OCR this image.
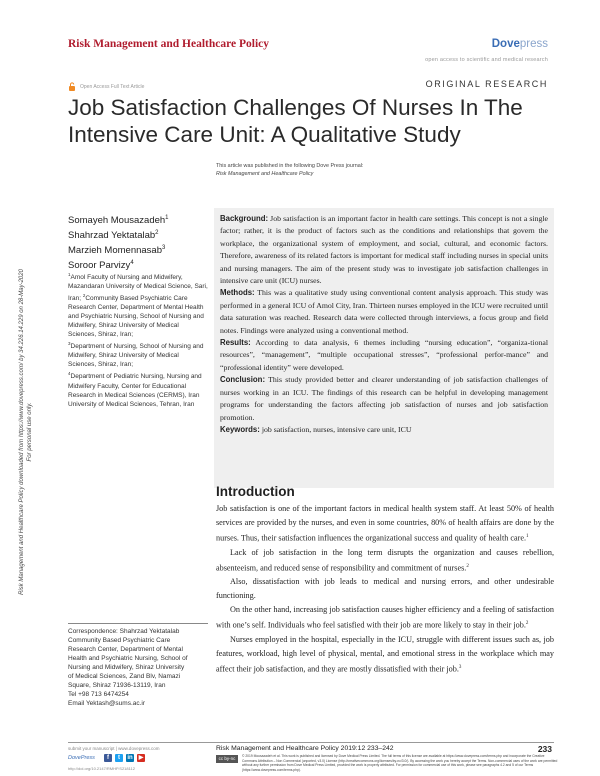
Risk Management and Healthcare Policy	Dovepress
open access to scientific and medical research
Open Access Full Text Article	ORIGINAL RESEARCH
Job Satisfaction Challenges Of Nurses In The Intensive Care Unit: A Qualitative Study
Risk Management and Healthcare Policy downloaded from https://www.dovepress.com/ by 34.226.14.229 on 28-May-2020 For personal use only.
This article was published in the following Dove Press journal:
Risk Management and Healthcare Policy
Somayeh Mousazadeh$^1$
Shahrzad Yektatalab$^2$
Marzieh Momennasab$^3$
Soroor Parvizy$^4$
$^1$Amol Faculty of Nursing and Midwifery, Mazandaran University of Medical Science, Sari, Iran; $^2$Community Based Psychiatric Care Research Center, Department of Mental Health and Psychiatric Nursing, School of Nursing and Midwifery, Shiraz University of Medical Sciences, Shiraz, Iran;
$^3$Department of Nursing, School of Nursing and Midwifery, Shiraz University of Medical Sciences, Shiraz, Iran;
$^4$Department of Pediatric Nursing, Nursing and Midwifery Faculty, Center for Educational Research in Medical Sciences (CERMS), Iran University of Medical Sciences, Tehran, Iran

Background: Job satisfaction is an important factor in health care settings. This concept is not a single factor; rather, it is the product of factors such as the conditions and relationships that govern the workplace, the organizational system of employment, and social, cultural, and economic factors. Therefore, awareness of its related factors is important for medical staff including nurses in special units and nursing managers. The aim of the present study was to investigate job satisfaction challenges in intensive care unit (ICU) nurses.

Methods: This was a qualitative study using conventional content analysis approach. This study was performed in a general ICU of Amol City, Iran. Thirteen nurses employed in the ICU were recruited until data saturation was reached. Research data were collected through interviews, a focus group and field notes. Findings were analyzed using a conventional method.

Results: According to data analysis, 6 themes including “nursing education”, “organiza-tional resources”, “management”, “multiple occupational stresses”, “professional perfor-mance” and “professional identity” were developed.

Conclusion: This study provided better and clearer understanding of job satisfaction challenges of nurses working in an ICU. The findings of this research can be helpful in developing management programs for understanding the factors affecting job satisfaction of nurses and job satisfaction promotion.

Keywords: job satisfaction, nurses, intensive care unit, ICU

Introduction

Job satisfaction is one of the important factors in medical health system staff. At least 50% of health services are provided by the nurses, and even in some countries, 80% of health affairs are done by the nurses. Thus, their satisfaction influences the organizational success and quality of health care.$^1$

Lack of job satisfaction in the long term disrupts the organization and causes rebellion, absenteeism, and reduced sense of responsibility and commitment of nurses.$^2$

Also, dissatisfaction with job leads to medical and nursing errors, and other undesirable functioning.

On the other hand, increasing job satisfaction causes higher efficiency and a feeling of satisfaction with one’s self. Individuals who feel satisfied with their job are more likely to stay in their job.$^2$

Nurses employed in the hospital, especially in the ICU, struggle with different issues such as, job features, workload, high level of physical, mental, and emotional stress in the workplace which may affect their job satisfaction, and they are mostly dissatisfied with their job.$^3$

Correspondence: Shahrzad Yektatalab
Community Based Psychiatric Care
Research Center, Department of Mental
Health and Psychiatric Nursing, School of
Nursing and Midwifery, Shiraz University
of Medical Sciences, Zand Blv, Namazi
Square, Shiraz 71936-13119, Iran
Tel +98 713 6474254
Email Yektash@sums.ac.ir
submit your manuscript | www.dovepress.com
DovePress	f	t	in ▶
http://doi.org/10.2147/RMHP.S218112
Risk Management and Healthcare Policy 2019:12 233–242	233
cc by-nc	© 2019 Mousazadeh et al. This work is published and licensed by Dove Medical Press Limited. The full terms of this license are available at https://www.dovepress.com/terms.php and incorporate the Creative Commons Attribution – Non Commercial (unported, v3.0) License (http://creativecommons.org/licenses/by-nc/3.0/). By accessing the work you hereby accept the Terms. Non-commercial uses of the work are permitted without any further permission from Dove Medical Press Limited, provided the work is properly attributed. For permission for commercial use of this work, please see paragraphs 4.2 and 5 of our Terms (https://www.dovepress.com/terms.php).
